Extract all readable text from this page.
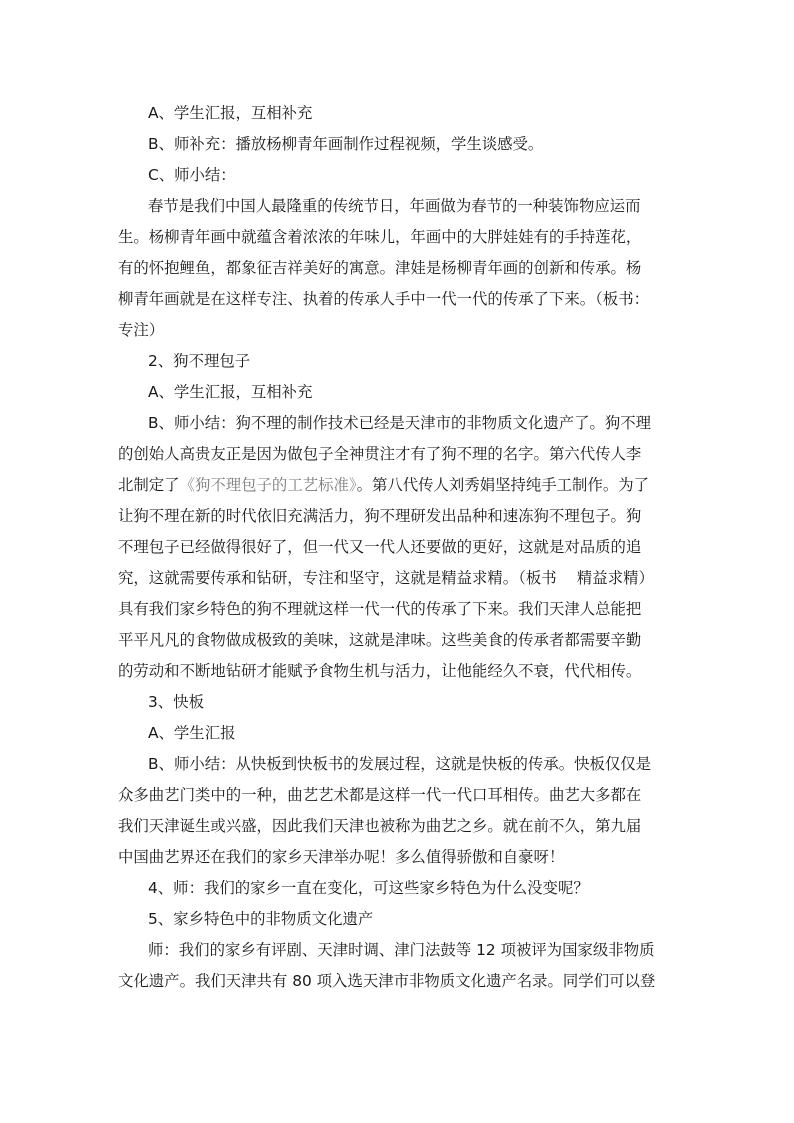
A、学生汇报，互相补充
B、师补充：播放杨柳青年画制作过程视频，学生谈感受。
C、师小结：
春节是我们中国人最隆重的传统节日，年画做为春节的一种装饰物应运而
生。杨柳青年画中就蕴含着浓浓的年味儿，年画中的大胖娃娃有的手持莲花，
有的怀抱鲤鱼，都象征吉祥美好的寓意。津娃是杨柳青年画的创新和传承。杨
柳青年画就是在这样专注、执着的传承人手中一代一代的传承了下来。（板书：
专注）
2、狗不理包子
A、学生汇报，互相补充
B、师小结：狗不理的制作技术已经是天津市的非物质文化遗产了。狗不理
的创始人高贵友正是因为做包子全神贯注才有了狗不理的名字。第六代传人李
北制定了《狗不理包子的工艺标准》。第八代传人刘秀娟坚持纯手工制作。为了
让狗不理在新的时代依旧充满活力，狗不理研发出品种和速冻狗不理包子。狗
不理包子已经做得很好了，但一代又一代人还要做的更好，这就是对品质的追
究，这就需要传承和钻研，专注和坚守，这就是精益求精。（板书　 精益求精）
具有我们家乡特色的狗不理就这样一代一代的传承了下来。我们天津人总能把
平平凡凡的食物做成极致的美味，这就是津味。这些美食的传承者都需要辛勤
的劳动和不断地钻研才能赋予食物生机与活力，让他能经久不衰，代代相传。
3、快板
A、学生汇报
B、师小结：从快板到快板书的发展过程，这就是快板的传承。快板仅仅是
众多曲艺门类中的一种，曲艺艺术都是这样一代一代口耳相传。曲艺大多都在
我们天津诞生或兴盛，因此我们天津也被称为曲艺之乡。就在前不久，第九届
中国曲艺界还在我们的家乡天津举办呢！多么值得骄傲和自豪呀！
4、师：我们的家乡一直在变化，可这些家乡特色为什么没变呢？
5、家乡特色中的非物质文化遗产
师：我们的家乡有评剧、天津时调、津门法鼓等 12 项被评为国家级非物质
文化遗产。我们天津共有 80 项入选天津市非物质文化遗产名录。同学们可以登
